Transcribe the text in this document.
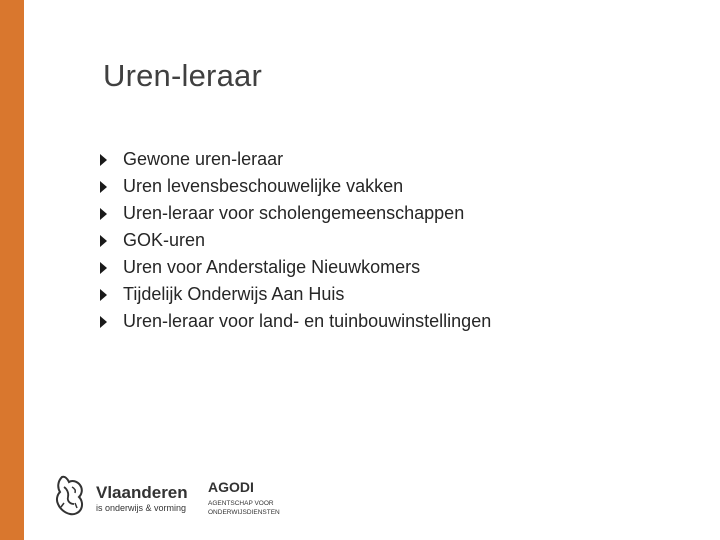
Uren-leraar
Gewone uren-leraar
Uren levensbeschouwelijke vakken
Uren-leraar voor scholengemeenschappen
GOK-uren
Uren voor Anderstalige Nieuwkomers
Tijdelijk Onderwijs Aan Huis
Uren-leraar voor land- en tuinbouwinstellingen
Vlaanderen
is onderwijs & vorming
AGODI
AGENTSCHAP VOOR ONDERWIJSDIENSTEN
